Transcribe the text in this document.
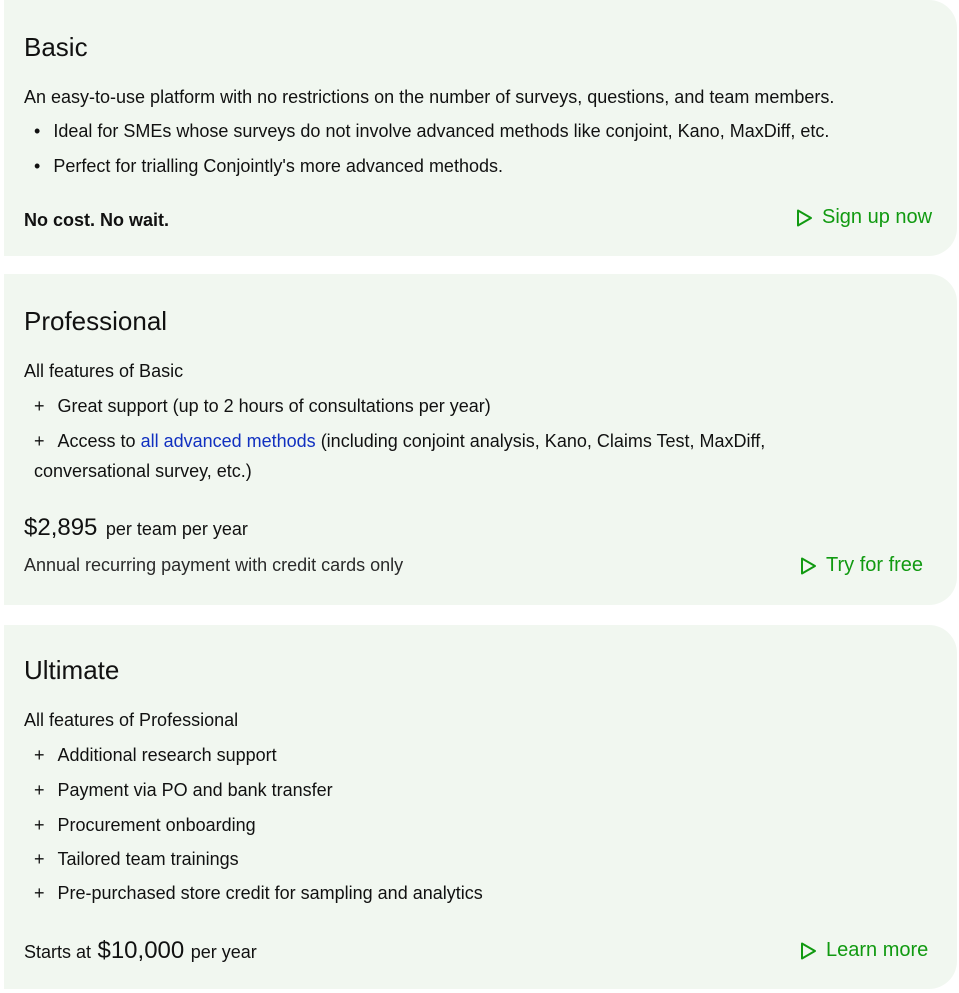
Basic
An easy-to-use platform with no restrictions on the number of surveys, questions, and team members.
• Ideal for SMEs whose surveys do not involve advanced methods like conjoint, Kano, MaxDiff, etc.
• Perfect for trialling Conjointly's more advanced methods.
No cost. No wait.	Sign up now
Professional
All features of Basic
+ Great support (up to 2 hours of consultations per year)
+ Access to all advanced methods (including conjoint analysis, Kano, Claims Test, MaxDiff,
conversational survey, etc.)
$2,895 per team per year
Annual recurring payment with credit cards only	Try for free
Ultimate
All features of Professional
+ Additional research support
+ Payment via PO and bank transfer
+ Procurement onboarding
+ Tailored team trainings
+ Pre-purchased store credit for sampling and analytics
Starts at $10,000 per year	Learn more
